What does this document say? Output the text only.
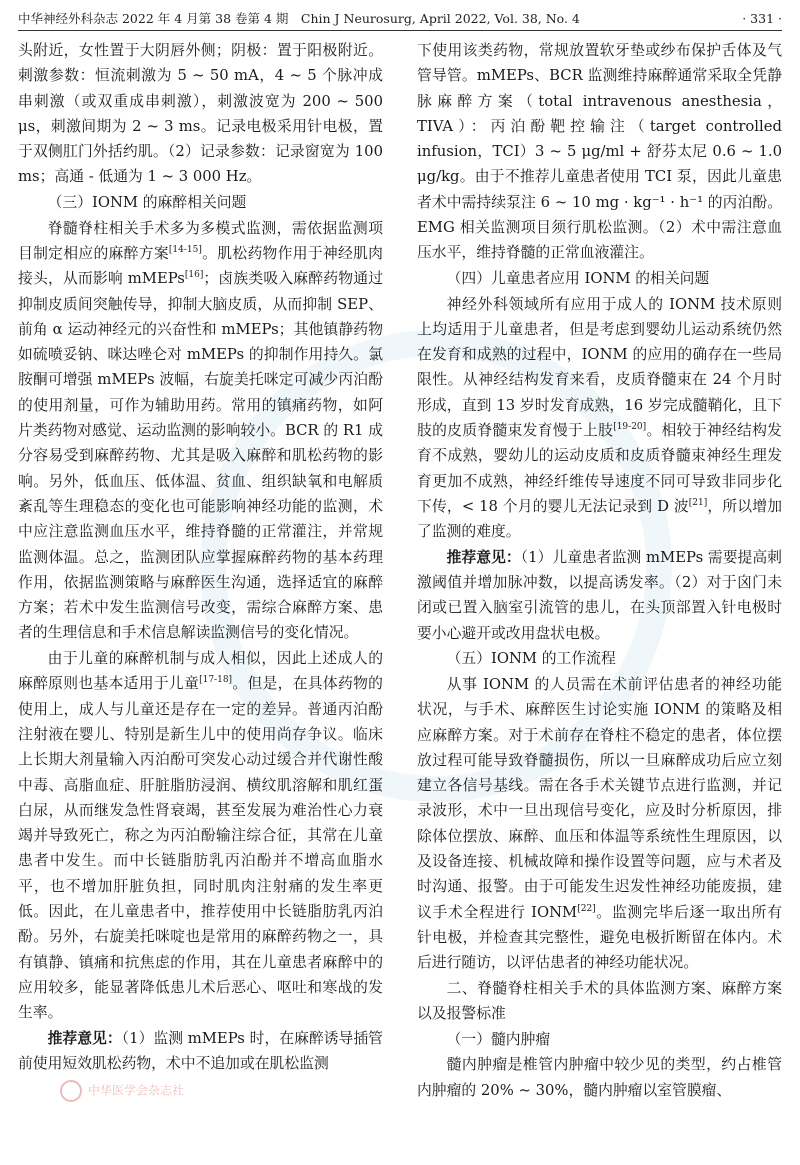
中华神经外科杂志 2022 年 4 月第 38 卷第 4 期　Chin J Neurosurg, April 2022, Vol. 38, No. 4	· 331 ·

头附近，女性置于大阴唇外侧；阴极：置于阳极附近。刺激参数：恒流刺激为 5 ~ 50 mA，4 ~ 5 个脉冲成串刺激（或双重成串刺激），刺激波宽为 200 ~ 500 μs，刺激间期为 2 ~ 3 ms。记录电极采用针电极，置于双侧肛门外括约肌。（2）记录参数：记录窗宽为 100 ms；高通 - 低通为 1 ~ 3 000 Hz。

（三）IONM 的麻醉相关问题

脊髓脊柱相关手术多为多模式监测，需依据监测项目制定相应的麻醉方案[14-15]。肌松药物作用于神经肌肉接头，从而影响 mMEPs[16]；卤族类吸入麻醉药物通过抑制皮质间突触传导，抑制大脑皮质，从而抑制 SEP、前角 α 运动神经元的兴奋性和 mMEPs；其他镇静药物如硫喷妥钠、咪达唑仑对 mMEPs 的抑制作用持久。氯胺酮可增强 mMEPs 波幅，右旋美托咪定可减少丙泊酚的使用剂量，可作为辅助用药。常用的镇痛药物，如阿片类药物对感觉、运动监测的影响较小。BCR 的 R1 成分容易受到麻醉药物、尤其是吸入麻醉和肌松药物的影响。另外，低血压、低体温、贫血、组织缺氧和电解质紊乱等生理稳态的变化也可能影响神经功能的监测，术中应注意监测血压水平，维持脊髓的正常灌注，并常规监测体温。总之，监测团队应掌握麻醉药物的基本药理作用，依据监测策略与麻醉医生沟通，选择适宜的麻醉方案；若术中发生监测信号改变，需综合麻醉方案、患者的生理信息和手术信息解读监测信号的变化情况。

由于儿童的麻醉机制与成人相似，因此上述成人的麻醉原则也基本适用于儿童[17-18]。但是，在具体药物的使用上，成人与儿童还是存在一定的差异。普通丙泊酚注射液在婴儿、特别是新生儿中的使用尚存争议。临床上长期大剂量输入丙泊酚可突发心动过缓合并代谢性酸中毒、高脂血症、肝脏脂肪浸润、横纹肌溶解和肌红蛋白尿，从而继发急性肾衰竭，甚至发展为难治性心力衰竭并导致死亡，称之为丙泊酚输注综合征，其常在儿童患者中发生。而中长链脂肪乳丙泊酚并不增高血脂水平，也不增加肝脏负担，同时肌肉注射痛的发生率更低。因此，在儿童患者中，推荐使用中长链脂肪乳丙泊酚。另外，右旋美托咪啶也是常用的麻醉药物之一，具有镇静、镇痛和抗焦虑的作用，其在儿童患者麻醉中的应用较多，能显著降低患儿术后恶心、呕吐和寒战的发生率。

推荐意见：（1）监测 mMEPs 时，在麻醉诱导插管前使用短效肌松药物，术中不追加或在肌松监测

下使用该类药物，常规放置软牙垫或纱布保护舌体及气管导管。mMEPs、BCR 监测维持麻醉通常采取全凭静脉麻醉方案（total intravenous anesthesia，TIVA）：丙泊酚靶控输注（target controlled infusion，TCI）3 ~ 5 μg/ml + 舒芬太尼 0.6 ~ 1.0 μg/kg。由于不推荐儿童患者使用 TCI 泵，因此儿童患者术中需持续泵注 6 ~ 10 mg · kg⁻¹ · h⁻¹ 的丙泊酚。EMG 相关监测项目须行肌松监测。（2）术中需注意血压水平，维持脊髓的正常血液灌注。

（四）儿童患者应用 IONM 的相关问题

神经外科领域所有应用于成人的 IONM 技术原则上均适用于儿童患者，但是考虑到婴幼儿运动系统仍然在发育和成熟的过程中，IONM 的应用的确存在一些局限性。从神经结构发育来看，皮质脊髓束在 24 个月时形成，直到 13 岁时发育成熟，16 岁完成髓鞘化，且下肢的皮质脊髓束发育慢于上肢[19-20]。相较于神经结构发育不成熟，婴幼儿的运动皮质和皮质脊髓束神经生理发育更加不成熟，神经纤维传导速度不同可导致非同步化下传，< 18 个月的婴儿无法记录到 D 波[21]，所以增加了监测的难度。

推荐意见：（1）儿童患者监测 mMEPs 需要提高刺激阈值并增加脉冲数，以提高诱发率。（2）对于囟门未闭或已置入脑室引流管的患儿，在头顶部置入针电极时要小心避开或改用盘状电极。

（五）IONM 的工作流程

从事 IONM 的人员需在术前评估患者的神经功能状况，与手术、麻醉医生讨论实施 IONM 的策略及相应麻醉方案。对于术前存在脊柱不稳定的患者，体位摆放过程可能导致脊髓损伤，所以一旦麻醉成功后应立刻建立各信号基线。需在各手术关键节点进行监测，并记录波形，术中一旦出现信号变化，应及时分析原因，排除体位摆放、麻醉、血压和体温等系统性生理原因，以及设备连接、机械故障和操作设置等问题，应与术者及时沟通、报警。由于可能发生迟发性神经功能废损，建议手术全程进行 IONM[22]。监测完毕后逐一取出所有针电极，并检查其完整性，避免电极折断留在体内。术后进行随访，以评估患者的神经功能状况。

二、脊髓脊柱相关手术的具体监测方案、麻醉方案以及报警标准

（一）髓内肿瘤

髓内肿瘤是椎管内肿瘤中较少见的类型，约占椎管内肿瘤的 20% ~ 30%，髓内肿瘤以室管膜瘤、

中华医学会杂志社
